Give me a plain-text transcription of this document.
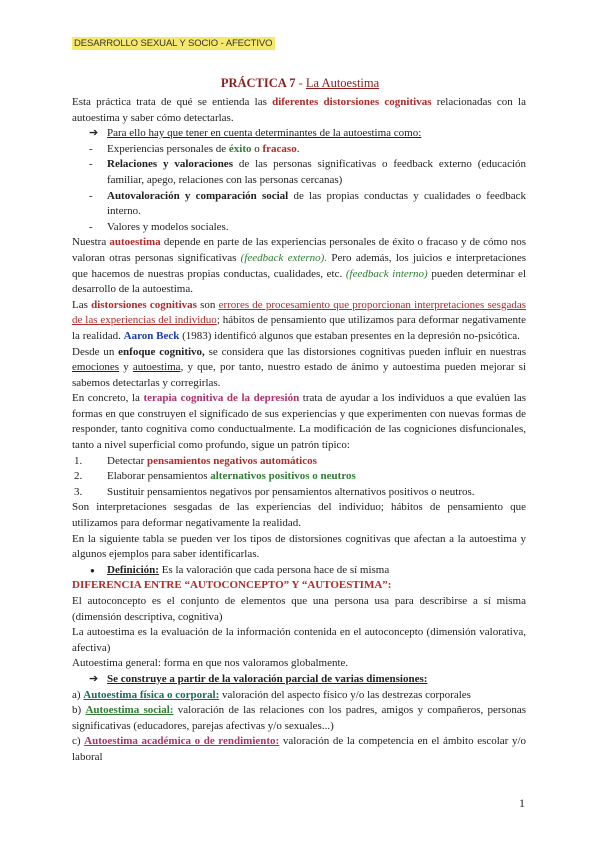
DESARROLLO SEXUAL Y SOCIO - AFECTIVO
PRÁCTICA 7 - La Autoestima

Esta práctica trata de qué se entienda las diferentes distorsiones cognitivas relacionadas con la autoestima y saber cómo detectarlas.

➔ Para ello hay que tener en cuenta determinantes de la autoestima como:
- Experiencias personales de éxito o fracaso.
- Relaciones y valoraciones de las personas significativas o feedback externo (educación familiar, apego, relaciones con las personas cercanas)
- Autovaloración y comparación social de las propias conductas y cualidades o feedback interno.
- Valores y modelos sociales.

Nuestra autoestima depende en parte de las experiencias personales de éxito o fracaso y de cómo nos valoran otras personas significativas (feedback externo). Pero además, los juicios e interpretaciones que hacemos de nuestras propias conductas, cualidades, etc. (feedback interno) pueden determinar el desarrollo de la autoestima.

Las distorsiones cognitivas son errores de procesamiento que proporcionan interpretaciones sesgadas de las experiencias del individuo; hábitos de pensamiento que utilizamos para deformar negativamente la realidad. Aaron Beck (1983) identificó algunos que estaban presentes en la depresión no-psicótica.

Desde un enfoque cognitivo, se considera que las distorsiones cognitivas pueden influir en nuestras emociones y autoestima, y que, por tanto, nuestro estado de ánimo y autoestima pueden mejorar si sabemos detectarlas y corregirlas.

En concreto, la terapia cognitiva de la depresión trata de ayudar a los individuos a que evalúen las formas en que construyen el significado de sus experiencias y que experimenten con nuevas formas de responder, tanto cognitiva como conductualmente. La modificación de las cogniciones disfuncionales, tanto a nivel superficial como profundo, sigue un patrón típico:

1. Detectar pensamientos negativos automáticos
2. Elaborar pensamientos alternativos positivos o neutros
3. Sustituir pensamientos negativos por pensamientos alternativos positivos o neutros.

Son interpretaciones sesgadas de las experiencias del individuo; hábitos de pensamiento que utilizamos para deformar negativamente la realidad.

En la siguiente tabla se pueden ver los tipos de distorsiones cognitivas que afectan a la autoestima y algunos ejemplos para saber identificarlas.

● Definición: Es la valoración que cada persona hace de sí misma

DIFERENCIA ENTRE “AUTOCONCEPTO” Y “AUTOESTIMA”:

El autoconcepto es el conjunto de elementos que una persona usa para describirse a sí misma (dimensión descriptiva, cognitiva)

La autoestima es la evaluación de la información contenida en el autoconcepto (dimensión valorativa, afectiva)

Autoestima general: forma en que nos valoramos globalmente.

➔ Se construye a partir de la valoración parcial de varias dimensiones:

a) Autoestima física o corporal: valoración del aspecto físico y/o las destrezas corporales

b) Autoestima social: valoración de las relaciones con los padres, amigos y compañeros, personas significativas (educadores, parejas afectivas y/o sexuales...)

c) Autoestima académica o de rendimiento: valoración de la competencia en el ámbito escolar y/o laboral

1
